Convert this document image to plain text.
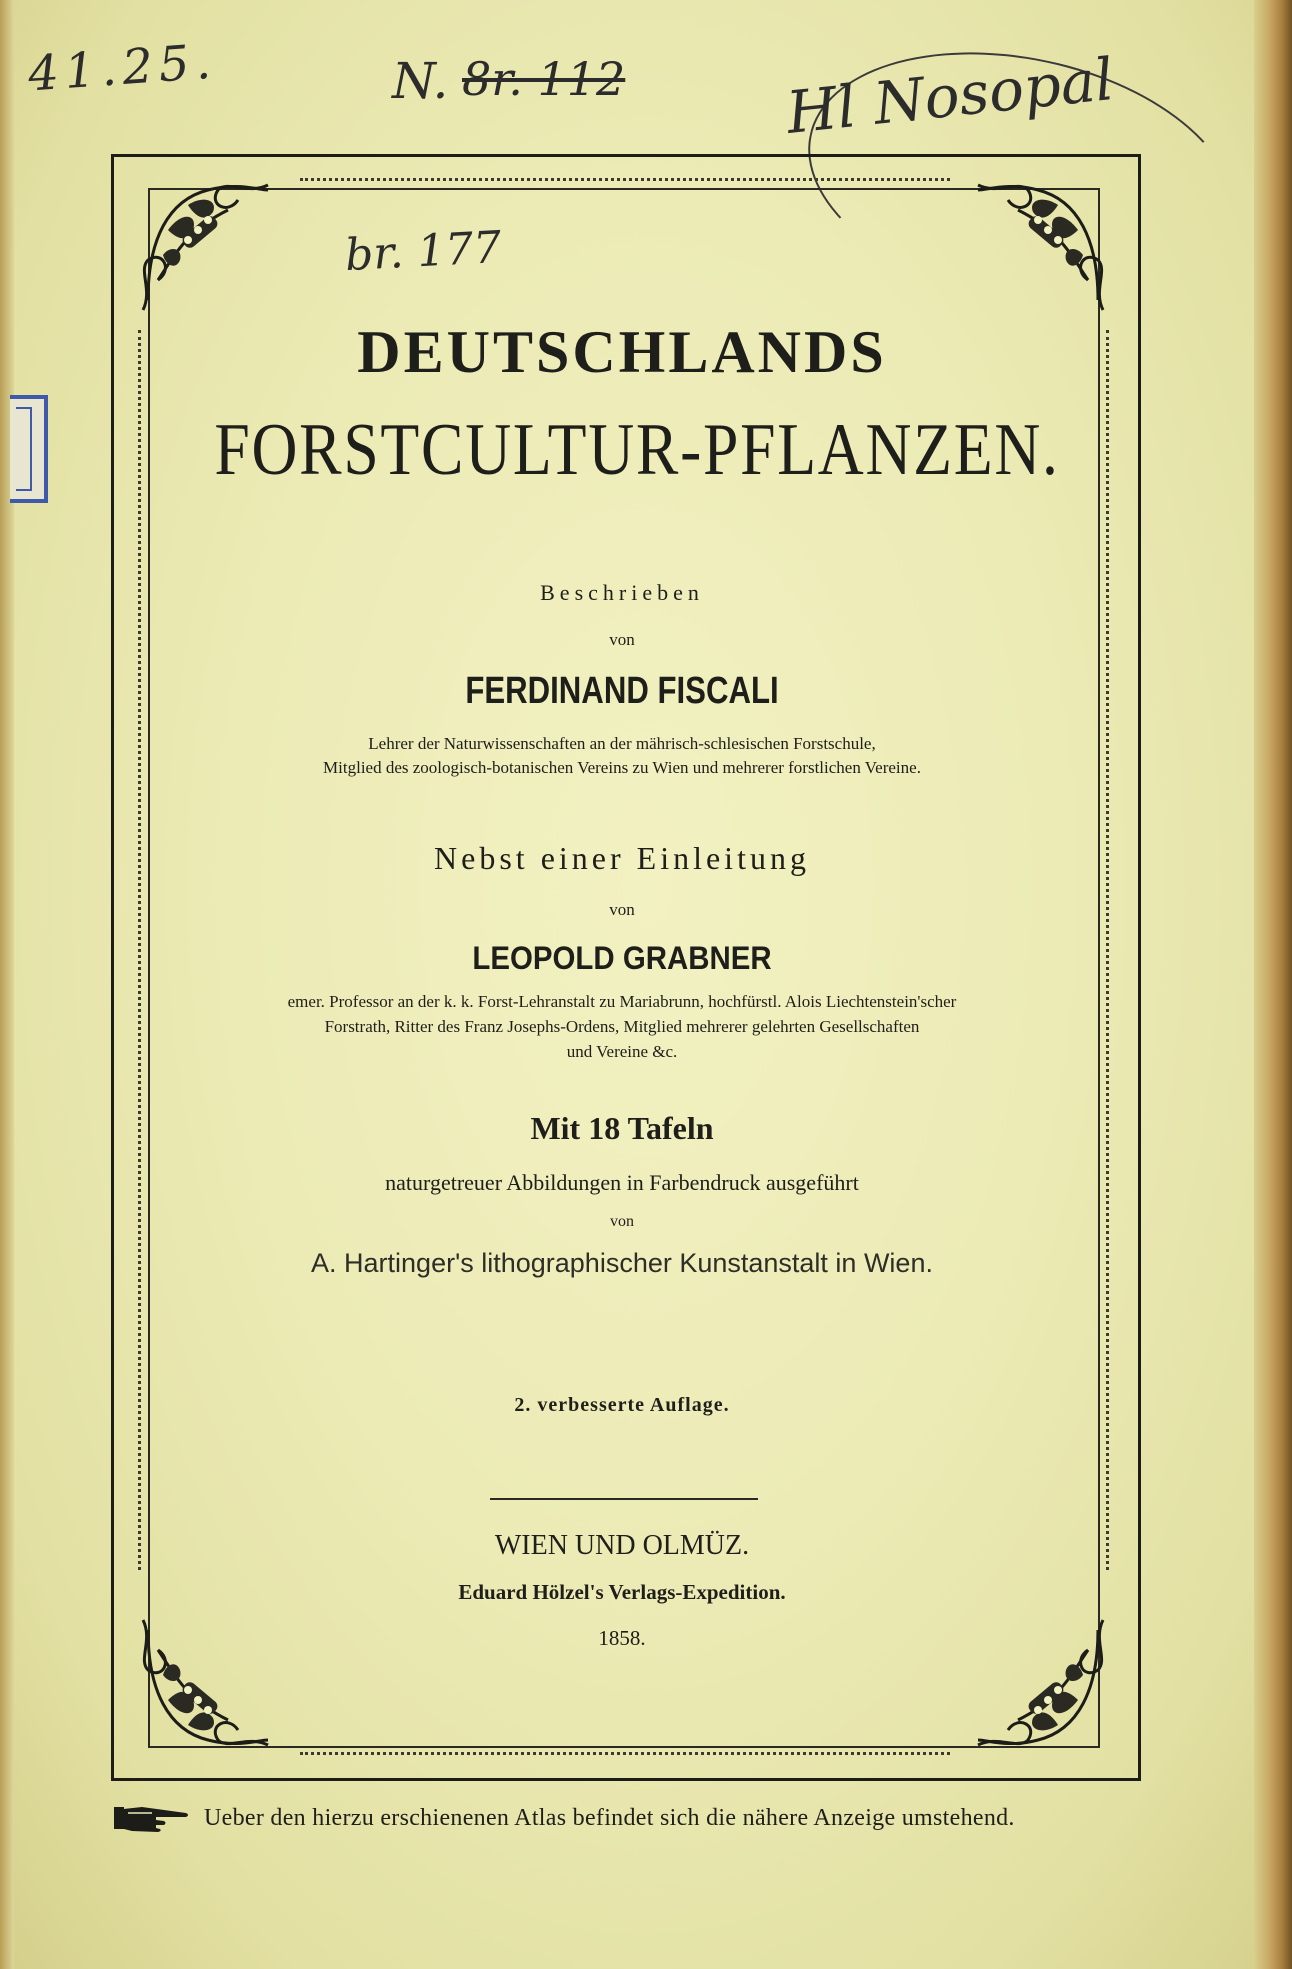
41.25.	N. 8r. 112	Hl Nosopal
br. 177
DEUTSCHLANDS
FORSTCULTUR-PFLANZEN.
Beschrieben
von
FERDINAND FISCALI
Lehrer der Naturwissenschaften an der mährisch-schlesischen Forstschule,
Mitglied des zoologisch-botanischen Vereins zu Wien und mehrerer forstlichen Vereine.
Nebst einer Einleitung
von
LEOPOLD GRABNER
emer. Professor an der k. k. Forst-Lehranstalt zu Mariabrunn, hochfürstl. Alois Liechtenstein'scher
Forstrath, Ritter des Franz Josephs-Ordens, Mitglied mehrerer gelehrten Gesellschaften
und Vereine &c.
Mit 18 Tafeln
naturgetreuer Abbildungen in Farbendruck ausgeführt
von
A. Hartinger's lithographischer Kunstanstalt in Wien.
2. verbesserte Auflage.
WIEN UND OLMÜZ.
Eduard Hölzel's Verlags-Expedition.
1858.
Ueber den hierzu erschienenen Atlas befindet sich die nähere Anzeige umstehend.
